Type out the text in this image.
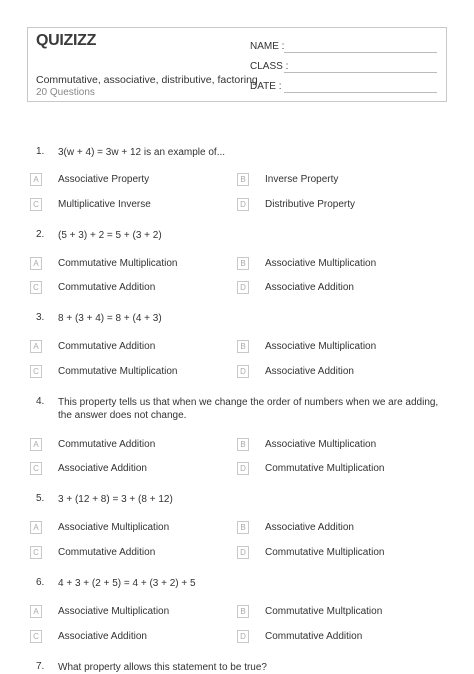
QUIZIZZ
Commutative, associative, distributive, factoring
20 Questions
NAME :
CLASS :
DATE :
1.	3(w + 4) = 3w + 12 is an example of...
A	Associative Property	B	Inverse Property
C	Multiplicative Inverse	D	Distributive Property
2.	(5 + 3) + 2 = 5 + (3 + 2)
A	Commutative Multiplication	B	Associative Multiplication
C	Commutative Addition	D	Associative Addition
3.	8 + (3 + 4) = 8 + (4 + 3)
A	Commutative Addition	B	Associative Multiplication
C	Commutative Multiplication	D	Associative Addition
4.	This property tells us that when we change the order of numbers when we are adding, the answer does not change.
A	Commutative Addition	B	Associative Multiplication
C	Associative Addition	D	Commutative Multiplication
5.	3 + (12 + 8) = 3 + (8 + 12)
A	Associative Multiplication	B	Associative Addition
C	Commutative Addition	D	Commutative Multiplication
6.	4 + 3 + (2 + 5) = 4 + (3 + 2) + 5
A	Associative Multiplication	B	Commutative Multplication
C	Associative Addition	D	Commutative Addition
7.	What property allows this statement to be true?
